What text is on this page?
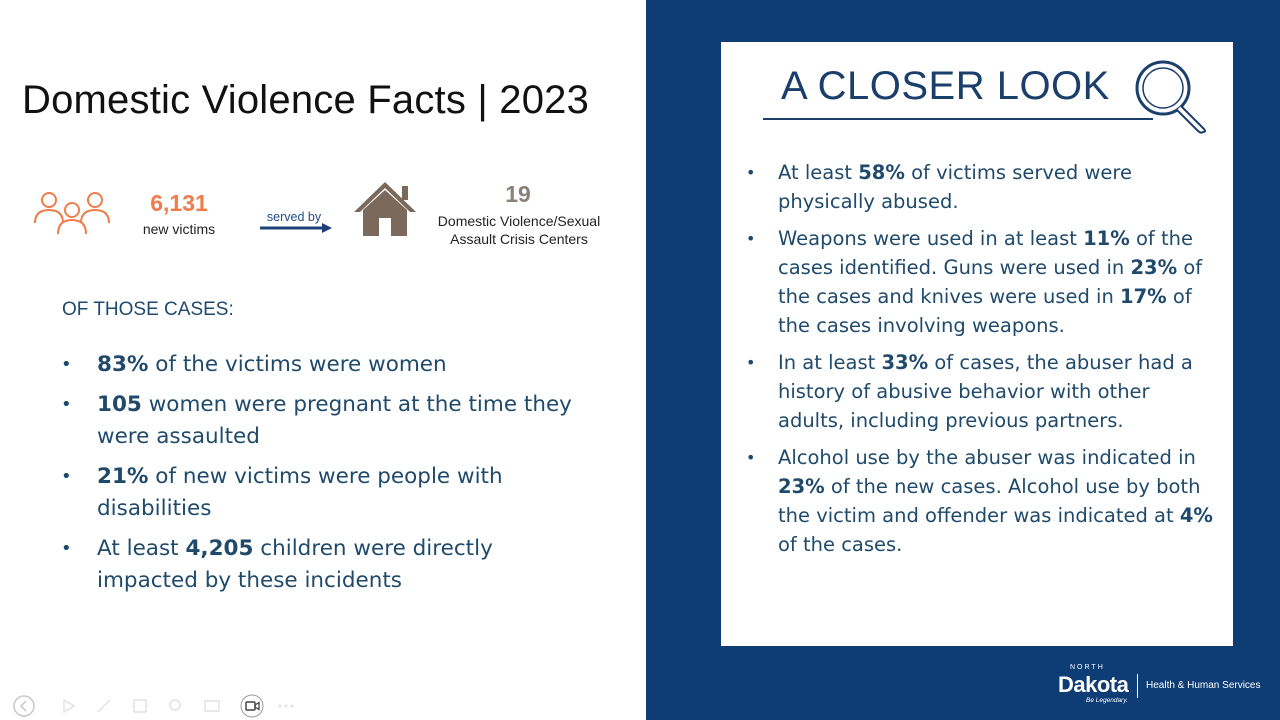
Domestic Violence Facts | 2023
6,131
new victims
served by
19
Domestic Violence/Sexual
Assault Crisis Centers
OF THOSE CASES:
• 83% of the victims were women
• 105 women were pregnant at the time they were assaulted
• 21% of new victims were people with disabilities
• At least 4,205 children were directly impacted by these incidents
A CLOSER LOOK
• At least 58% of victims served were physically abused.
• Weapons were used in at least 11% of the cases identified. Guns were used in 23% of the cases and knives were used in 17% of the cases involving weapons.
• In at least 33% of cases, the abuser had a history of abusive behavior with other adults, including previous partners.
• Alcohol use by the abuser was indicated in 23% of the new cases. Alcohol use by both the victim and offender was indicated at 4% of the cases.
NORTH
Dakota
Be Legendary.
Health & Human Services
